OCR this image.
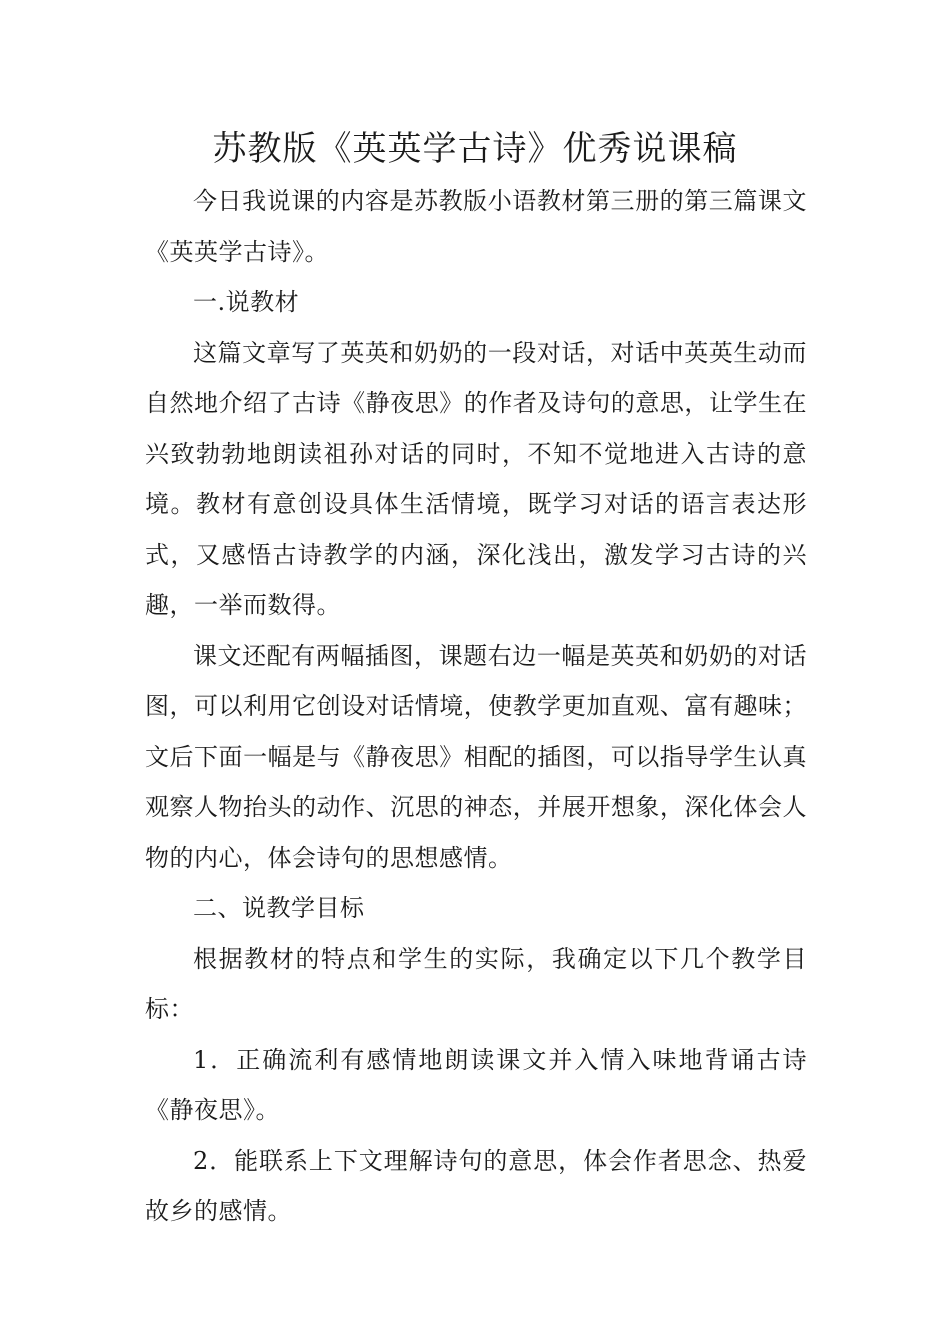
苏教版《英英学古诗》优秀说课稿

今日我说课的内容是苏教版小语教材第三册的第三篇课文《英英学古诗》。

一.说教材

这篇文章写了英英和奶奶的一段对话，对话中英英生动而自然地介绍了古诗《静夜思》的作者及诗句的意思，让学生在兴致勃勃地朗读祖孙对话的同时，不知不觉地进入古诗的意境。教材有意创设具体生活情境，既学习对话的语言表达形式，又感悟古诗教学的内涵，深化浅出，激发学习古诗的兴趣，一举而数得。

课文还配有两幅插图，课题右边一幅是英英和奶奶的对话图，可以利用它创设对话情境，使教学更加直观、富有趣味；文后下面一幅是与《静夜思》相配的插图，可以指导学生认真观察人物抬头的动作、沉思的神态，并展开想象，深化体会人物的内心，体会诗句的思想感情。

二、说教学目标

根据教材的特点和学生的实际，我确定以下几个教学目标：

1．正确流利有感情地朗读课文并入情入味地背诵古诗《静夜思》。

2．能联系上下文理解诗句的意思，体会作者思念、热爱故乡的感情。
